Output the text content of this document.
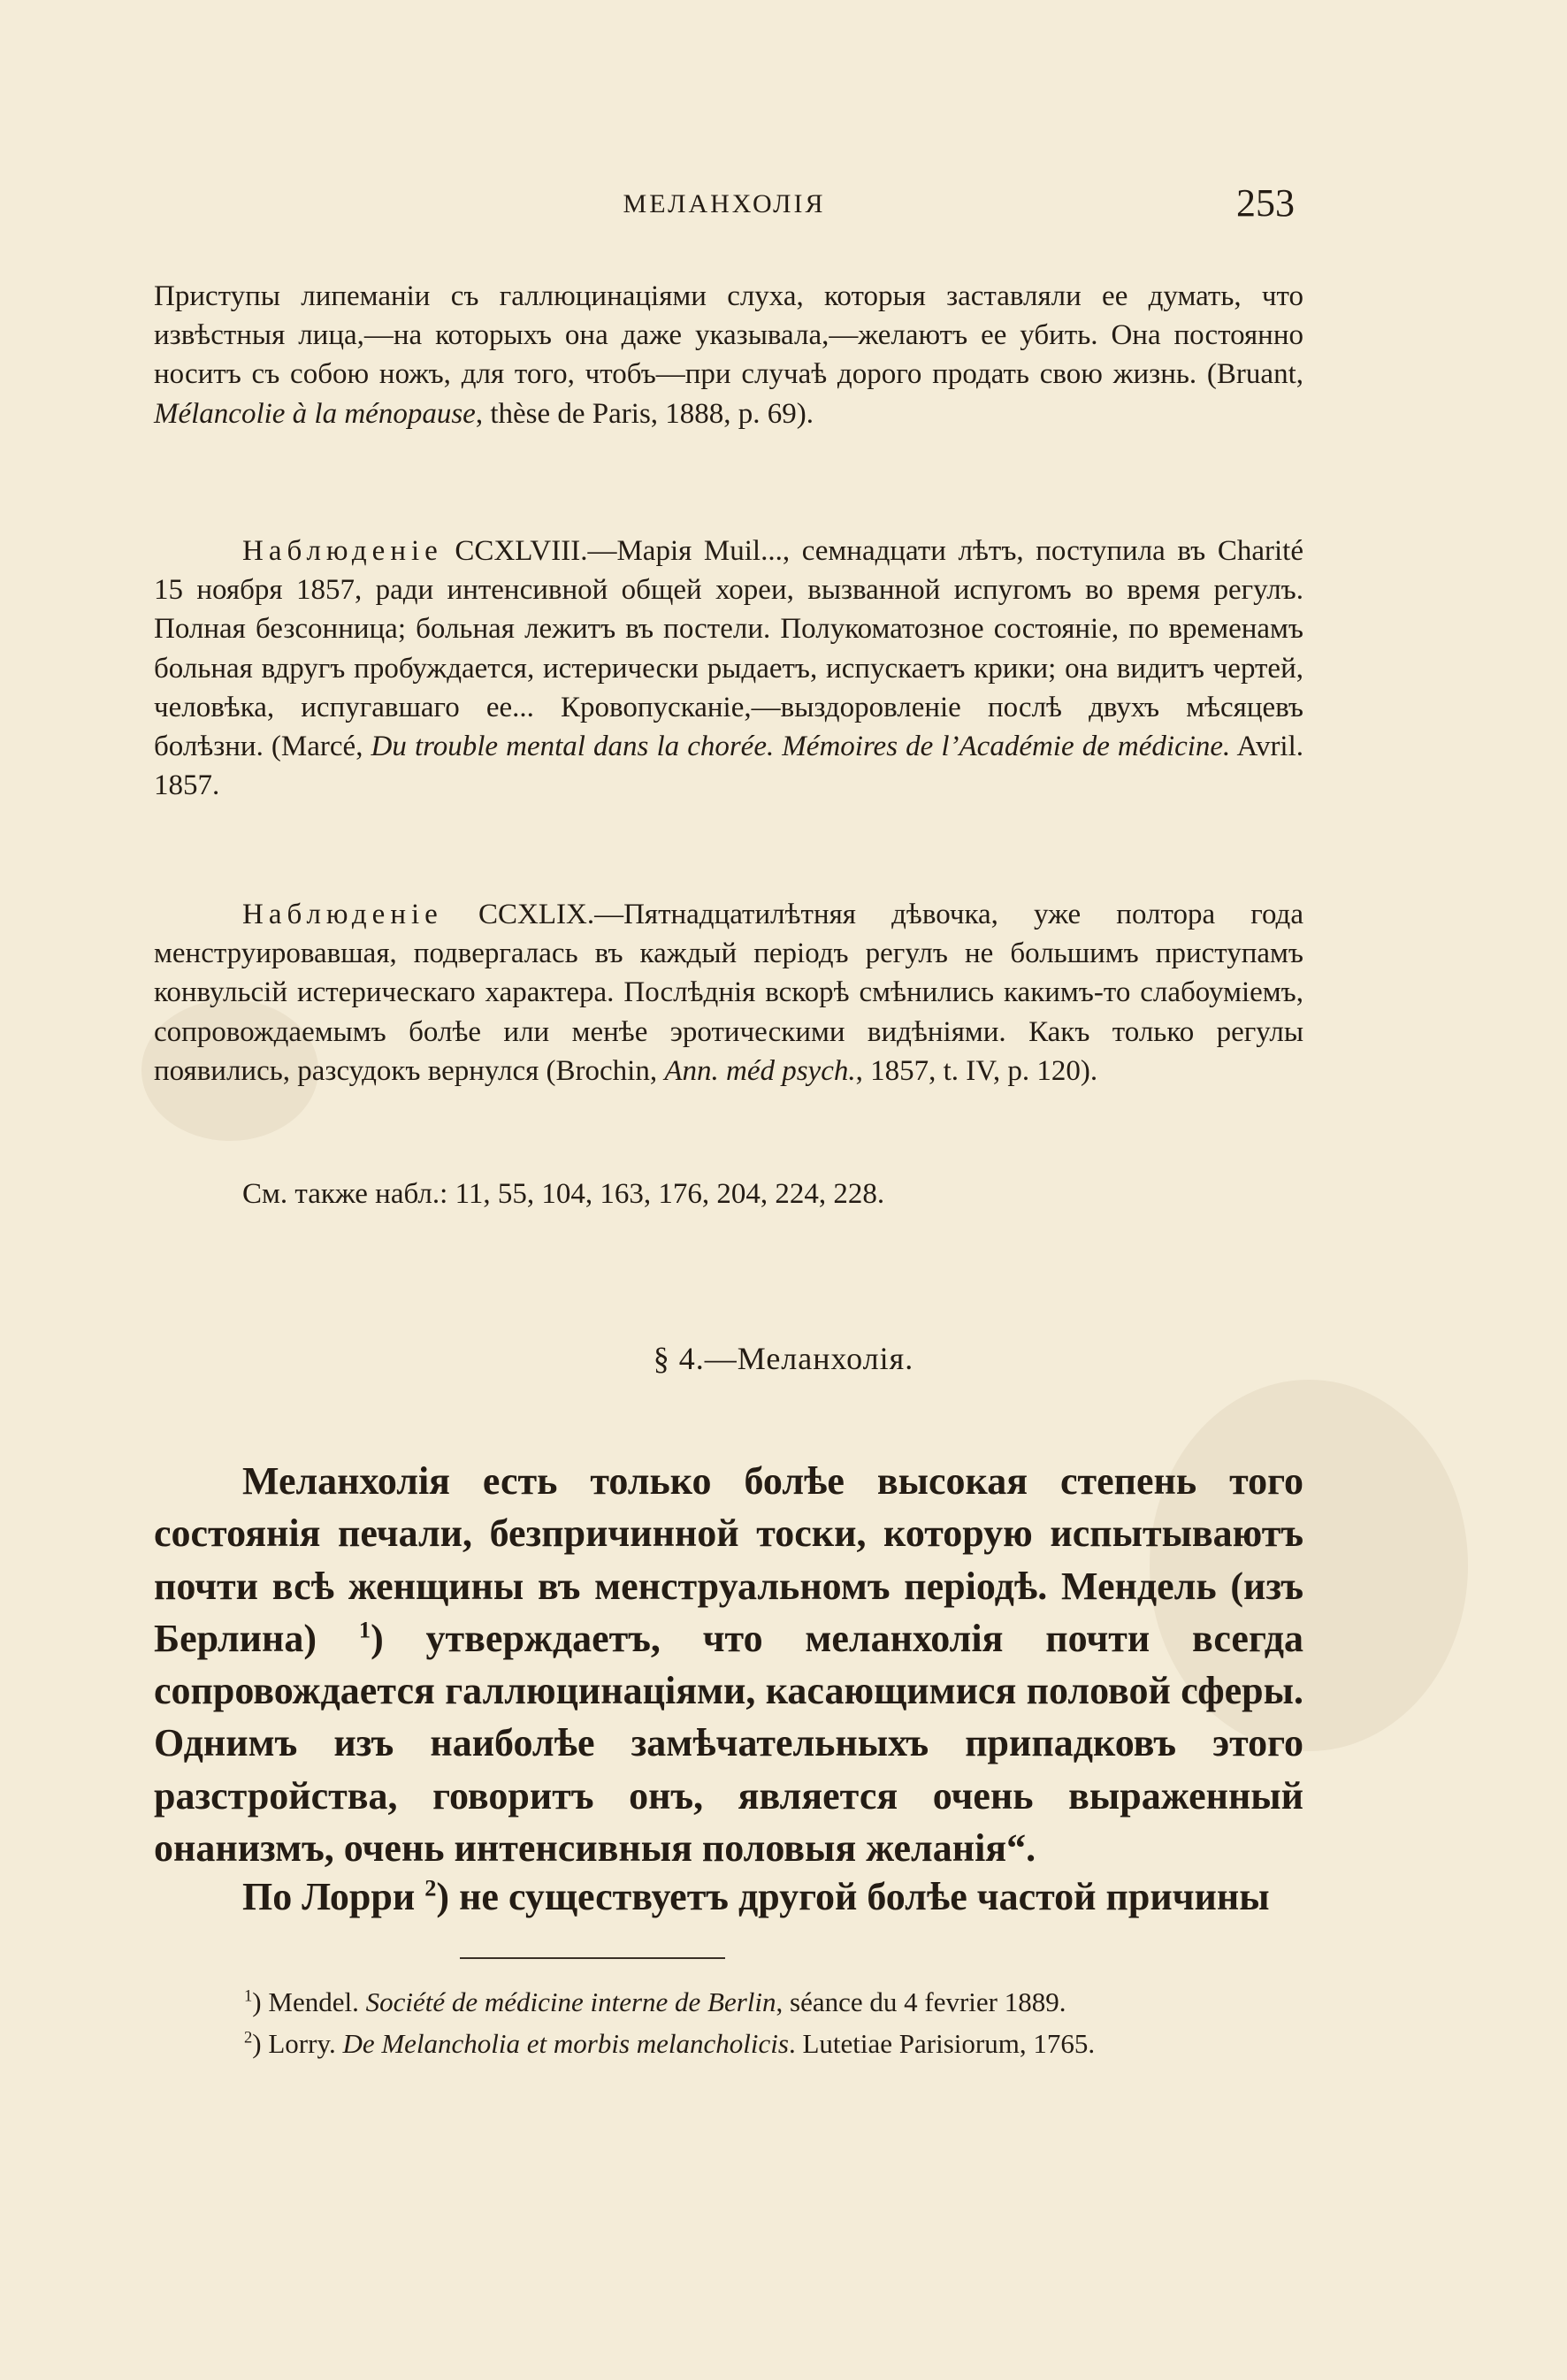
МЕЛАНХОЛІЯ	253

Приступы липеманіи съ галлюцинаціями слуха, которыя заставляли ее думать, что извѣстныя лица,—на которыхъ она даже указывала,—желаютъ ее убить. Она постоянно носитъ съ собою ножъ, для того, чтобъ—при случаѣ дорого продать свою жизнь. (Bruant, Mélancolie à la ménopause, thèse de Paris, 1888, p. 69).

Наблюденіе CCXLVIII.—Марія Muil..., семнадцати лѣтъ, поступила въ Charité 15 ноября 1857, ради интенсивной общей хореи, вызванной испугомъ во время регулъ. Полная безсонница; больная лежитъ въ постели. Полукоматозное состояніе, по временамъ больная вдругъ пробуждается, истерически рыдаетъ, испускаетъ крики; она видитъ чертей, человѣка, испугавшаго ее... Кровопусканіе,—выздоровленіе послѣ двухъ мѣсяцевъ болѣзни. (Marcé, Du trouble mental dans la chorée. Mémoires de l’Académie de médicine. Avril. 1857.

Наблюденіе CCXLIX.—Пятнадцатилѣтняя дѣвочка, уже полтора года менструировавшая, подвергалась въ каждый періодъ регулъ не большимъ приступамъ конвульсій истерическаго характера. Послѣднія вскорѣ смѣнились какимъ-то слабоуміемъ, сопровождаемымъ болѣе или менѣе эротическими видѣніями. Какъ только регулы появились, разсудокъ вернулся (Brochin, Ann. méd psych., 1857, t. IV, p. 120).

См. также набл.: 11, 55, 104, 163, 176, 204, 224, 228.

§ 4.—Меланхолія.

Меланхолія есть только болѣе высокая степень того состоянія печали, безпричинной тоски, которую испытываютъ почти всѣ женщины въ менструальномъ періодѣ. Мендель (изъ Берлина) $^1$) утверждаетъ, что меланхолія почти всегда сопровождается галлюцинаціями, касающимися половой сферы. Однимъ изъ наиболѣе замѣчательныхъ припадковъ этого разстройства, говоритъ онъ, является очень выраженный онанизмъ, очень интенсивныя половыя желанія“.

По Лорри $^2$) не существуетъ другой болѣе частой причины

$^1$) Mendel. Société de médicine interne de Berlin, séance du 4 fevrier 1889.

$^2$) Lorry. De Melancholia et morbis melancholicis. Lutetiae Parisiorum, 1765.
